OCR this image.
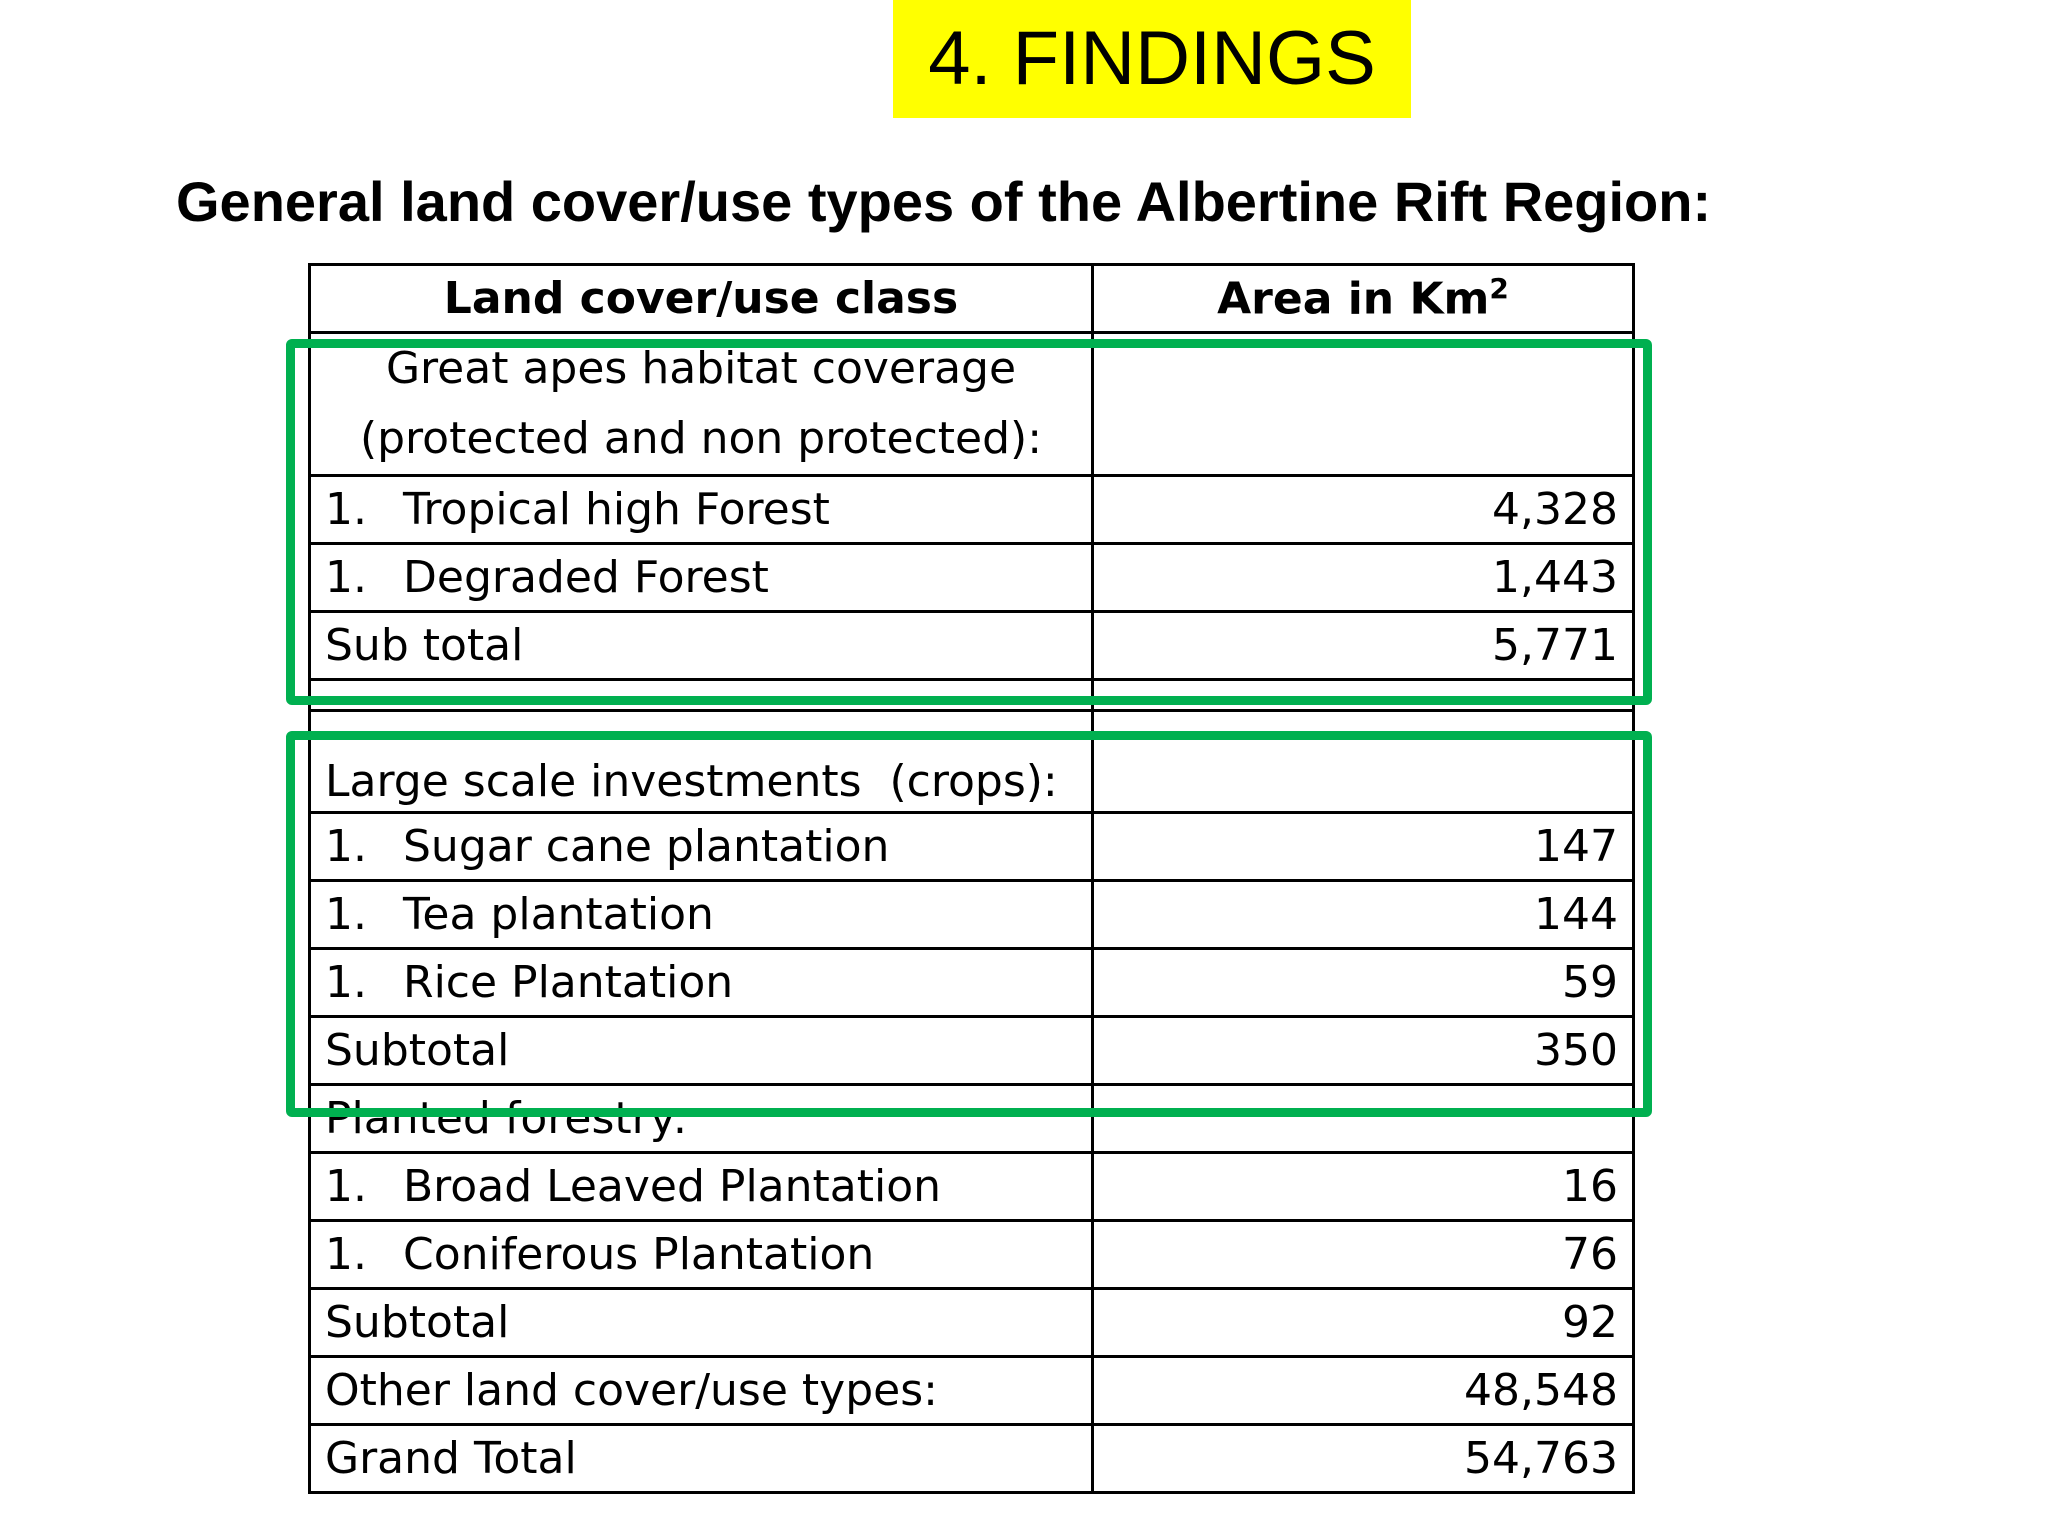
4. FINDINGS
General land cover/use types of the Albertine Rift Region:
Land cover/use class	Area in Km$^2$

Great apes habitat coverage
(protected and non protected):	

1. Tropical high Forest	4,328

1. Degraded Forest	1,443
Sub total	5,771

Large scale investments  (crops):	

1. Sugar cane plantation	147

1. Tea plantation	144

1. Rice Plantation	59
Subtotal	350
Planted forestry:	

1. Broad Leaved Plantation	16

1. Coniferous Plantation	76
Subtotal	92
Other land cover/use types:	48,548
Grand Total	54,763
